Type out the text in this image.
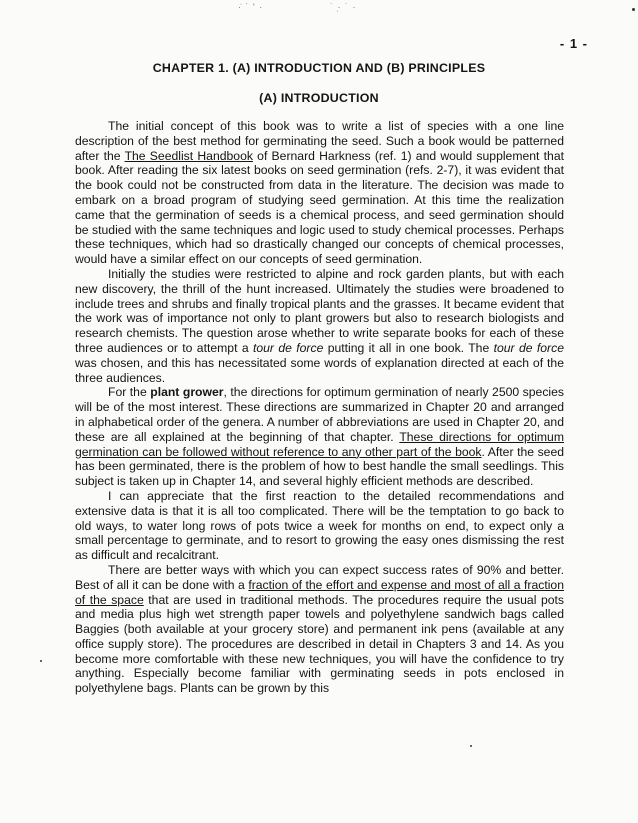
·̇ ˙ ' ·	˙ ·̣ ˙ ·
- 1 -
CHAPTER 1. (A) INTRODUCTION AND (B) PRINCIPLES
(A) INTRODUCTION

The initial concept of this book was to write a list of species with a one line description of the best method for germinating the seed. Such a book would be patterned after the The Seedlist Handbook of Bernard Harkness (ref. 1) and would supplement that book. After reading the six latest books on seed germination (refs. 2-7), it was evident that the book could not be constructed from data in the literature. The decision was made to embark on a broad program of studying seed germination. At this time the realization came that the germination of seeds is a chemical process, and seed germination should be studied with the same techniques and logic used to study chemical processes. Perhaps these techniques, which had so drastically changed our concepts of chemical processes, would have a similar effect on our concepts of seed germination.

Initially the studies were restricted to alpine and rock garden plants, but with each new discovery, the thrill of the hunt increased. Ultimately the studies were broadened to include trees and shrubs and finally tropical plants and the grasses. It became evident that the work was of importance not only to plant growers but also to research biologists and research chemists. The question arose whether to write separate books for each of these three audiences or to attempt a tour de force putting it all in one book. The tour de force was chosen, and this has necessitated some words of explanation directed at each of the three audiences.

For the plant grower, the directions for optimum germination of nearly 2500 species will be of the most interest. These directions are summarized in Chapter 20 and arranged in alphabetical order of the genera. A number of abbreviations are used in Chapter 20, and these are all explained at the beginning of that chapter. These directions for optimum germination can be followed without reference to any other part of the book. After the seed has been germinated, there is the problem of how to best handle the small seedlings. This subject is taken up in Chapter 14, and several highly efficient methods are described.

I can appreciate that the first reaction to the detailed recommendations and extensive data is that it is all too complicated. There will be the temptation to go back to old ways, to water long rows of pots twice a week for months on end, to expect only a small percentage to germinate, and to resort to growing the easy ones dismissing the rest as difficult and recalcitrant.

There are better ways with which you can expect success rates of 90% and better. Best of all it can be done with a fraction of the effort and expense and most of all a fraction of the space that are used in traditional methods. The procedures require the usual pots and media plus high wet strength paper towels and polyethylene sandwich bags called Baggies (both available at your grocery store) and permanent ink pens (available at any office supply store). The procedures are described in detail in Chapters 3 and 14. As you become more comfortable with these new techniques, you will have the confidence to try anything. Especially become familiar with germinating seeds in pots enclosed in polyethylene bags. Plants can be grown by this
